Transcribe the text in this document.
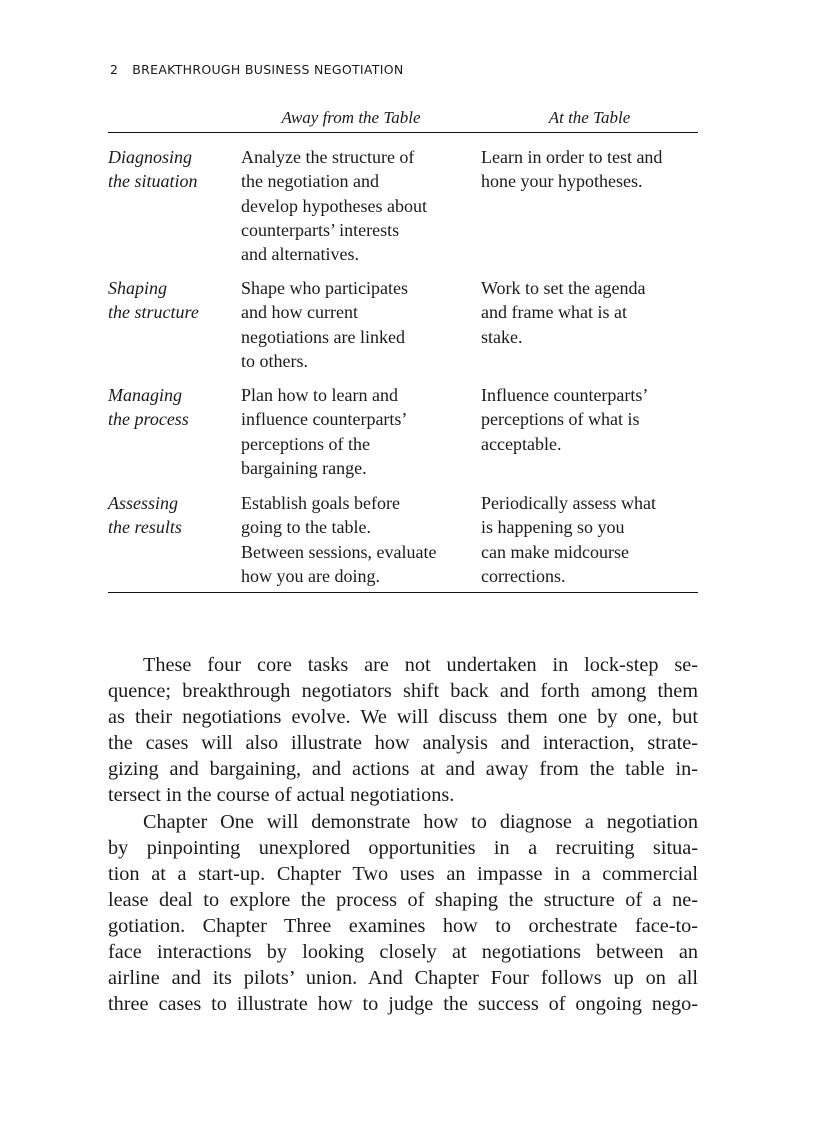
2 BREAKTHROUGH BUSINESS NEGOTIATION
Away from the Table	At the Table
Diagnosing
the situation
Analyze the structure of
the negotiation and
develop hypotheses about
counterparts’ interests
and alternatives.
Learn in order to test and
hone your hypotheses.
Shaping
the structure
Shape who participates
and how current
negotiations are linked
to others.
Work to set the agenda
and frame what is at
stake.
Managing
the process
Plan how to learn and
influence counterparts’
perceptions of the
bargaining range.
Influence counterparts’
perceptions of what is
acceptable.
Assessing
the results
Establish goals before
going to the table.
Between sessions, evaluate
how you are doing.
Periodically assess what
is happening so you
can make midcourse
corrections.
These four core tasks are not undertaken in lock-step se-
quence; breakthrough negotiators shift back and forth among them
as their negotiations evolve. We will discuss them one by one, but
the cases will also illustrate how analysis and interaction, strate-
gizing and bargaining, and actions at and away from the table in-
tersect in the course of actual negotiations.
Chapter One will demonstrate how to diagnose a negotiation
by pinpointing unexplored opportunities in a recruiting situa-
tion at a start-up. Chapter Two uses an impasse in a commercial
lease deal to explore the process of shaping the structure of a ne-
gotiation. Chapter Three examines how to orchestrate face-to-
face interactions by looking closely at negotiations between an
airline and its pilots’ union. And Chapter Four follows up on all
three cases to illustrate how to judge the success of ongoing nego-
